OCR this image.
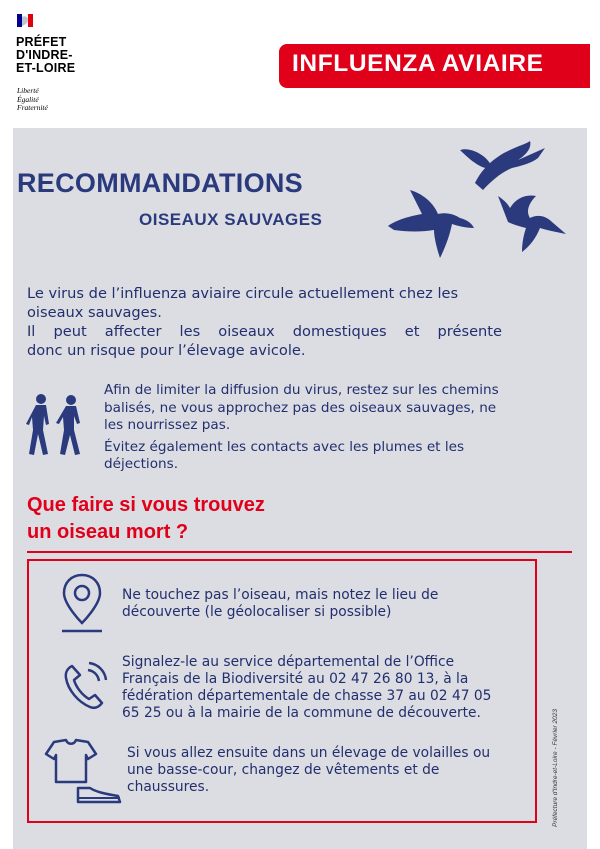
PRÉFET
D'INDRE-
ET-LOIRE
Liberté
Égalité
Fraternité
INFLUENZA AVIAIRE
RECOMMANDATIONS
OISEAUX SAUVAGES

Le virus de l’influenza aviaire circule actuellement chez les oiseaux sauvages.

Il peut affecter les oiseaux domestiques et présente

donc un risque pour l’élevage avicole.

Afin de limiter la diffusion du virus, restez sur les chemins balisés, ne vous approchez pas des oiseaux sauvages, ne les nourrissez pas.

Évitez également les contacts avec les plumes et les déjections.

Que faire si vous trouvez
un oiseau mort ?
Ne touchez pas l’oiseau, mais notez le lieu de découverte (le géolocaliser si possible)
Signalez-le au service départemental de l’Office Français de la Biodiversité au 02 47 26 80 13, à la fédération départementale de chasse 37 au 02 47 05 65 25 ou à la mairie de la commune de découverte.
Si vous allez ensuite dans un élevage de volailles ou une basse-cour, changez de vêtements et de chaussures.	Préfecture d'Indre-et-Loire - Février 2023
